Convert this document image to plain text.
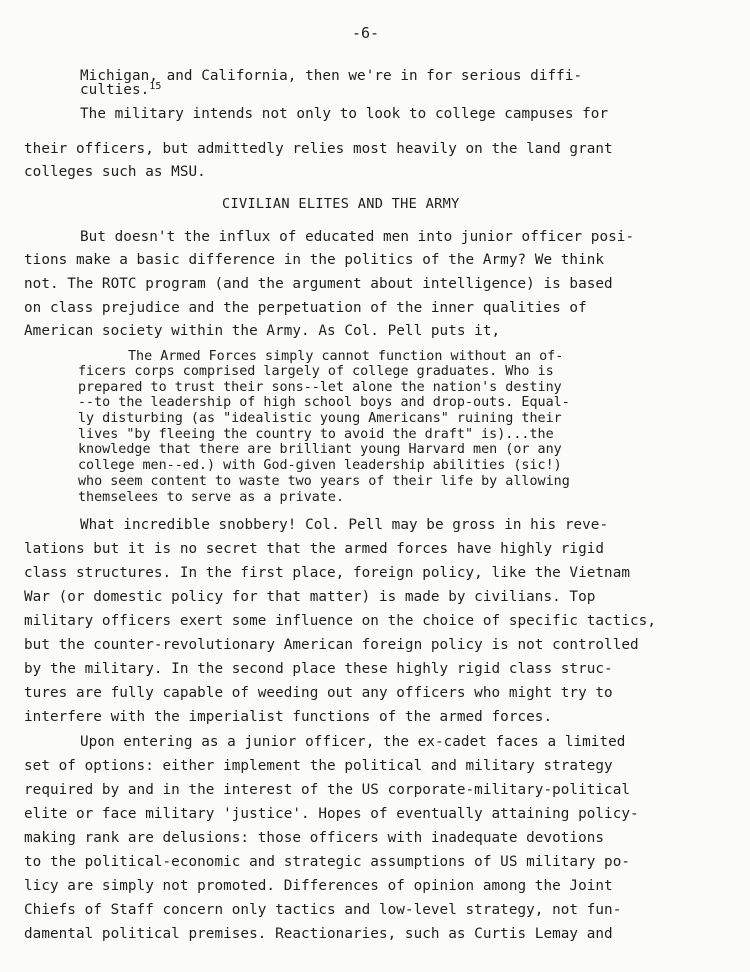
-6-
Michigan, and California, then we're in for serious diffi-
culties.$^{15}$
The military intends not only to look to college campuses for
their officers, but admittedly relies most heavily on the land grant
colleges such as MSU.
CIVILIAN ELITES AND THE ARMY
But doesn't the influx of educated men into junior officer posi-
tions make a basic difference in the politics of the Army? We think
not. The ROTC program (and the argument about intelligence) is based
on class prejudice and the perpetuation of the inner qualities of
American society within the Army. As Col. Pell puts it,
The Armed Forces simply cannot function without an of-
ficers corps comprised largely of college graduates. Who is
prepared to trust their sons--let alone the nation's destiny
--to the leadership of high school boys and drop-outs. Equal-
ly disturbing (as "idealistic young Americans" ruining their
lives "by fleeing the country to avoid the draft" is)...the
knowledge that there are brilliant young Harvard men (or any
college men--ed.) with God-given leadership abilities (sic!)
who seem content to waste two years of their life by allowing
themselees to serve as a private.
What incredible snobbery! Col. Pell may be gross in his reve-
lations but it is no secret that the armed forces have highly rigid
class structures. In the first place, foreign policy, like the Vietnam
War (or domestic policy for that matter) is made by civilians. Top
military officers exert some influence on the choice of specific tactics,
but the counter-revolutionary American foreign policy is not controlled
by the military. In the second place these highly rigid class struc-
tures are fully capable of weeding out any officers who might try to
interfere with the imperialist functions of the armed forces.
Upon entering as a junior officer, the ex-cadet faces a limited
set of options: either implement the political and military strategy
required by and in the interest of the US corporate-military-political
elite or face military 'justice'. Hopes of eventually attaining policy-
making rank are delusions: those officers with inadequate devotions
to the political-economic and strategic assumptions of US military po-
licy are simply not promoted. Differences of opinion among the Joint
Chiefs of Staff concern only tactics and low-level strategy, not fun-
damental political premises. Reactionaries, such as Curtis Lemay and
